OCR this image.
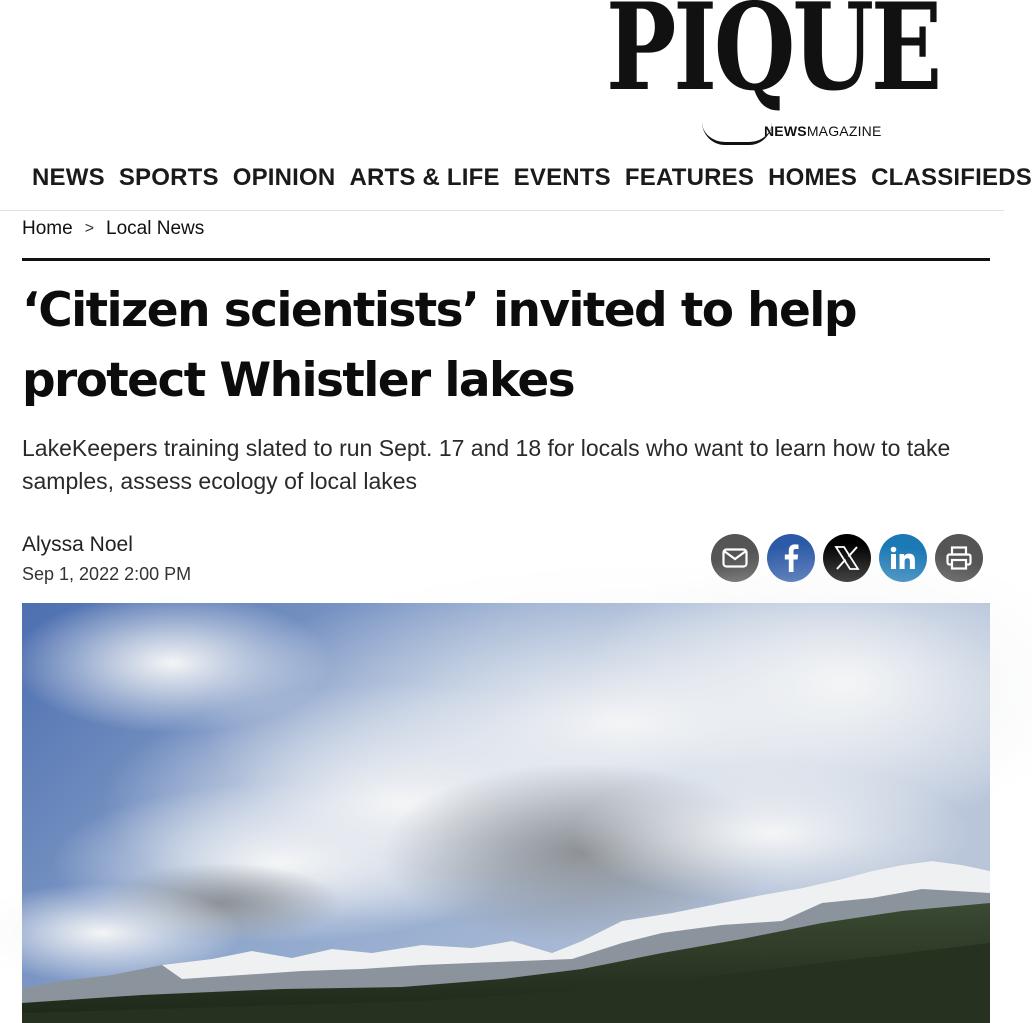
PIQUE
NEWSMAGAZINE
NEWS SPORTS OPINION ARTS & LIFE EVENTS FEATURES HOMES CLASSIFIEDS
Home > Local News
‘Citizen scientists’ invited to help protect Whistler lakes

LakeKeepers training slated to run Sept. 17 and 18 for locals who want to learn how to take samples, assess ecology of local lakes

Alyssa Noel
Sep 1, 2022 2:00 PM
